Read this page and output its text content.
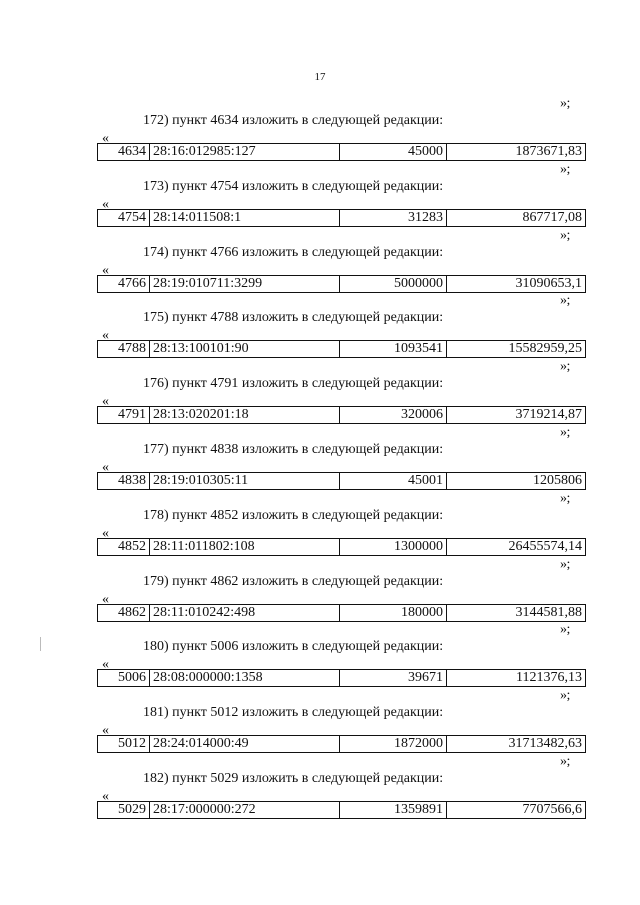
17
»;
172) пункт 4634 изложить в следующей редакции:
«
4634 28:16:012985:127	45000	1873671,83
»;
173) пункт 4754 изложить в следующей редакции:
«
4754 28:14:011508:1	31283	867717,08
»;
174) пункт 4766 изложить в следующей редакции:
«
4766 28:19:010711:3299	5000000	31090653,1
»;
175) пункт 4788 изложить в следующей редакции:
«
4788 28:13:100101:90	1093541	15582959,25
»;
176) пункт 4791 изложить в следующей редакции:
«
4791 28:13:020201:18	320006	3719214,87
»;
177) пункт 4838 изложить в следующей редакции:
«
4838 28:19:010305:11	45001	1205806
»;
178) пункт 4852 изложить в следующей редакции:
«
4852 28:11:011802:108	1300000	26455574,14
»;
179) пункт 4862 изложить в следующей редакции:
«
4862 28:11:010242:498	180000	3144581,88
»;
180) пункт 5006 изложить в следующей редакции:
«
5006 28:08:000000:1358	39671	1121376,13
»;
181) пункт 5012 изложить в следующей редакции:
«
5012 28:24:014000:49	1872000	31713482,63
»;
182) пункт 5029 изложить в следующей редакции:
«
5029 28:17:000000:272	1359891	7707566,6
